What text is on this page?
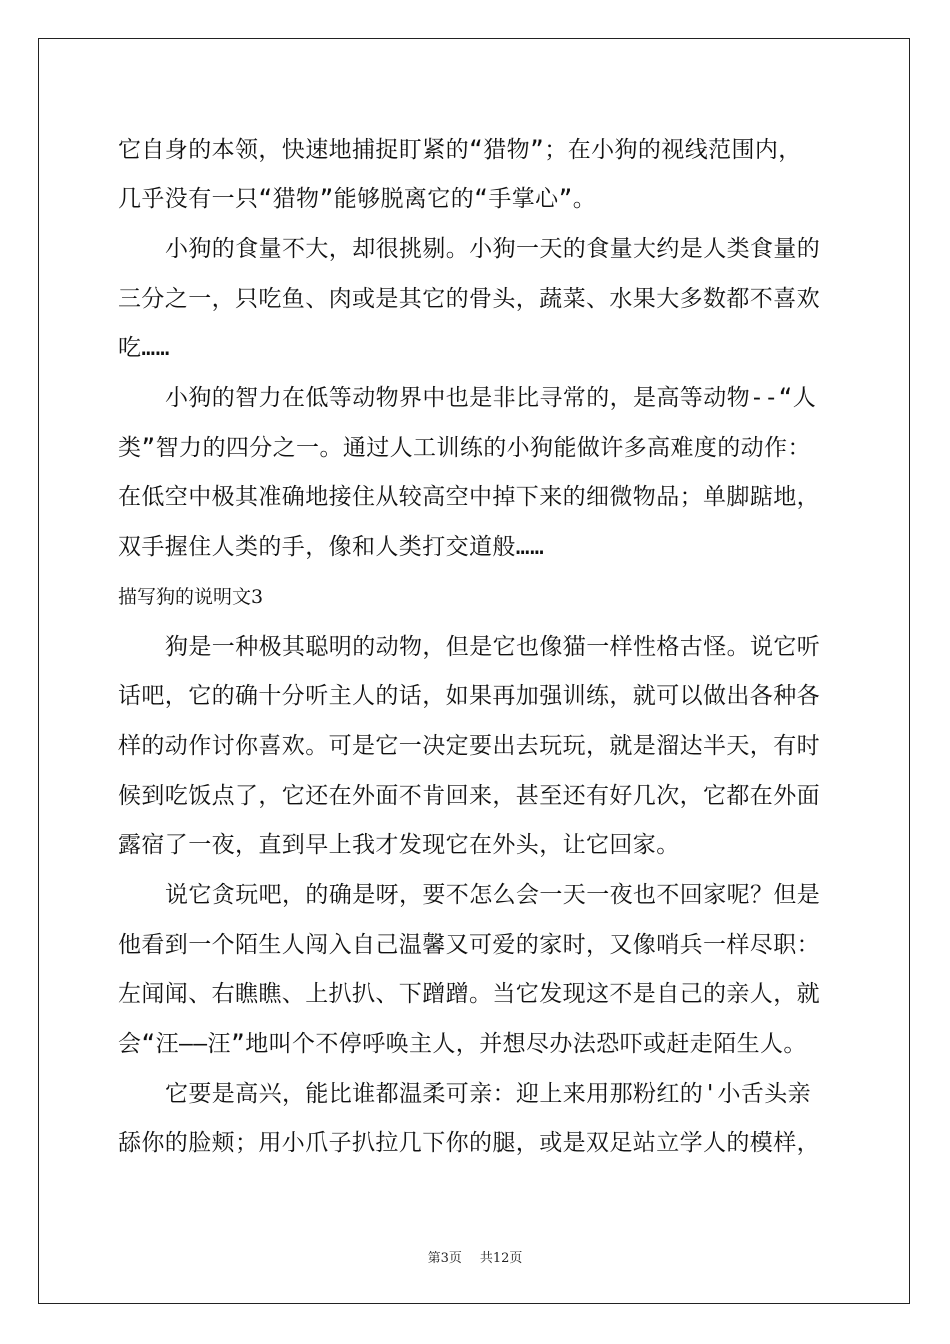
它自身的本领，快速地捕捉盯紧的“猎物”；在小狗的视线范围内，
几乎没有一只“猎物”能够脱离它的“手掌心”。
小狗的食量不大，却很挑剔。小狗一天的食量大约是人类食量的
三分之一，只吃鱼、肉或是其它的骨头，蔬菜、水果大多数都不喜欢
吃……
小狗的智力在低等动物界中也是非比寻常的，是高等动物--“人
类”智力的四分之一。通过人工训练的小狗能做许多高难度的动作：
在低空中极其准确地接住从较高空中掉下来的细微物品；单脚踮地，
双手握住人类的手，像和人类打交道般……
描写狗的说明文3
狗是一种极其聪明的动物，但是它也像猫一样性格古怪。说它听
话吧，它的确十分听主人的话，如果再加强训练，就可以做出各种各
样的动作讨你喜欢。可是它一决定要出去玩玩，就是溜达半天，有时
候到吃饭点了，它还在外面不肯回来，甚至还有好几次，它都在外面
露宿了一夜，直到早上我才发现它在外头，让它回家。
说它贪玩吧，的确是呀，要不怎么会一天一夜也不回家呢？但是
他看到一个陌生人闯入自己温馨又可爱的家时，又像哨兵一样尽职：
左闻闻、右瞧瞧、上扒扒、下蹭蹭。当它发现这不是自己的亲人，就
会“汪——汪”地叫个不停呼唤主人，并想尽办法恐吓或赶走陌生人。
它要是高兴，能比谁都温柔可亲：迎上来用那粉红的'小舌头亲
舔你的脸颊；用小爪子扒拉几下你的腿，或是双足站立学人的模样，
第3页 共12页
